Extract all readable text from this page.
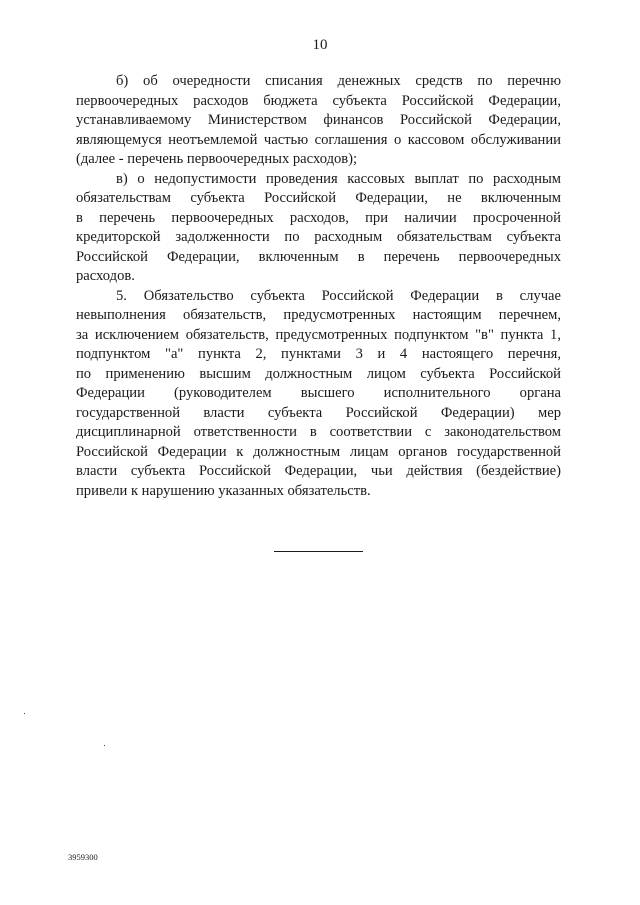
10

б) об очередности списания денежных средств по перечню
первоочередных расходов бюджета субъекта Российской Федерации,
устанавливаемому Министерством финансов Российской Федерации,
являющемуся неотъемлемой частью соглашения о кассовом обслуживании
(далее - перечень первоочередных расходов);

в) о недопустимости проведения кассовых выплат по расходным
обязательствам субъекта Российской Федерации, не включенным
в перечень первоочередных расходов, при наличии просроченной
кредиторской задолженности по расходным обязательствам субъекта
Российской Федерации, включенным в перечень первоочередных
расходов.

5. Обязательство субъекта Российской Федерации в случае
невыполнения обязательств, предусмотренных настоящим перечнем,
за исключением обязательств, предусмотренных подпунктом "в" пункта 1,
подпунктом "а" пункта 2, пунктами 3 и 4 настоящего перечня,
по применению высшим должностным лицом субъекта Российской
Федерации (руководителем высшего исполнительного органа
государственной власти субъекта Российской Федерации) мер
дисциплинарной ответственности в соответствии с законодательством
Российской Федерации к должностным лицам органов государственной
власти субъекта Российской Федерации, чьи действия (бездействие)
привели к нарушению указанных обязательств.

3959300
